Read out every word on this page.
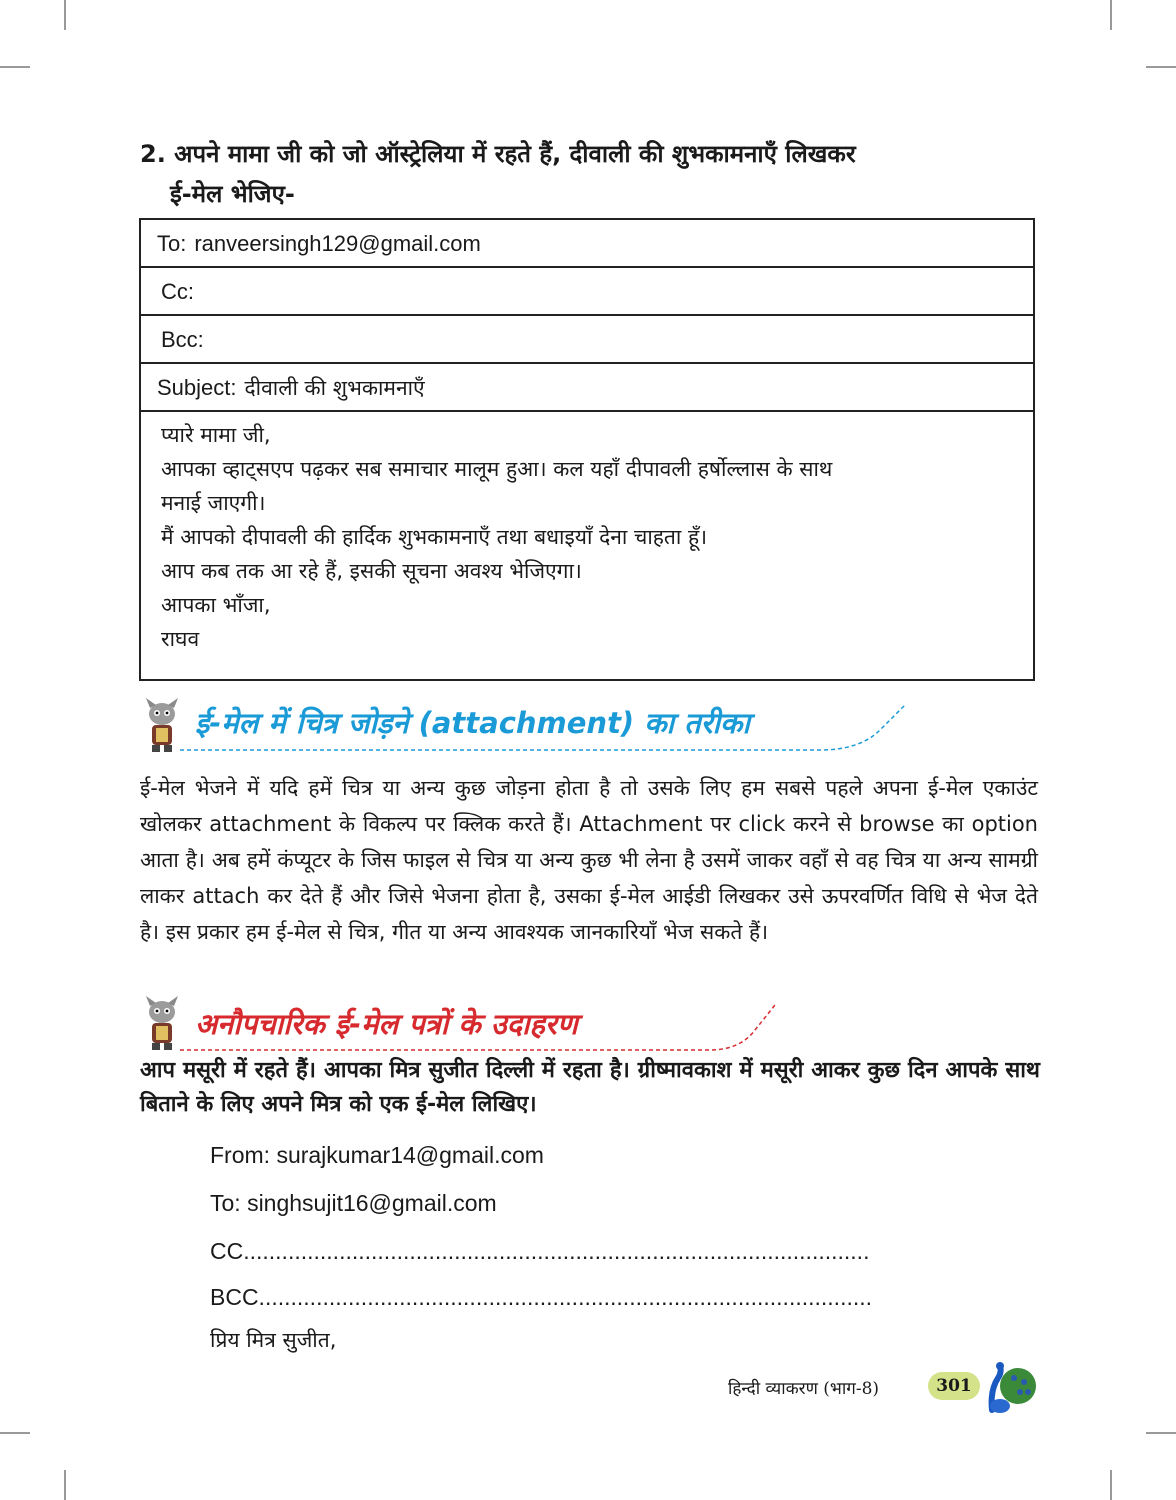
2. अपने मामा जी को जो ऑस्ट्रेलिया में रहते हैं, दीवाली की शुभकामनाएँ लिखकर
ई-मेल भेजिए-
To: ranveersingh129@gmail.com
Cc:
Bcc:
Subject: दीवाली की शुभकामनाएँ
प्यारे मामा जी,
आपका व्हाट्सएप पढ़कर सब समाचार मालूम हुआ। कल यहाँ दीपावली हर्षोल्लास के साथ
मनाई जाएगी।
मैं आपको दीपावली की हार्दिक शुभकामनाएँ तथा बधाइयाँ देना चाहता हूँ।
आप कब तक आ रहे हैं, इसकी सूचना अवश्य भेजिएगा।
आपका भाँजा,
राघव
ई-मेल में चित्र जोड़ने (attachment) का तरीका
ई-मेल भेजने में यदि हमें चित्र या अन्य कुछ जोड़ना होता है तो उसके लिए हम सबसे पहले अपना ई-मेल एकाउंट खोलकर attachment के विकल्प पर क्लिक करते हैं। Attachment पर click करने से browse का option आता है। अब हमें कंप्यूटर के जिस फाइल से चित्र या अन्य कुछ भी लेना है उसमें जाकर वहाँ से वह चित्र या अन्य सामग्री लाकर attach कर देते हैं और जिसे भेजना होता है, उसका ई-मेल आईडी लिखकर उसे ऊपरवर्णित विधि से भेज देते है। इस प्रकार हम ई-मेल से चित्र, गीत या अन्य आवश्यक जानकारियाँ भेज सकते हैं।
अनौपचारिक ई-मेल पत्रों के उदाहरण
आप मसूरी में रहते हैं। आपका मित्र सुजीत दिल्ली में रहता है। ग्रीष्मावकाश में मसूरी आकर कुछ दिन आपके साथ बिताने के लिए अपने मित्र को एक ई-मेल लिखिए।
From: surajkumar14@gmail.com
To: singhsujit16@gmail.com
CC..................................................................................................
BCC................................................................................................
प्रिय मित्र सुजीत,
हिन्दी व्याकरण (भाग-8)	301
